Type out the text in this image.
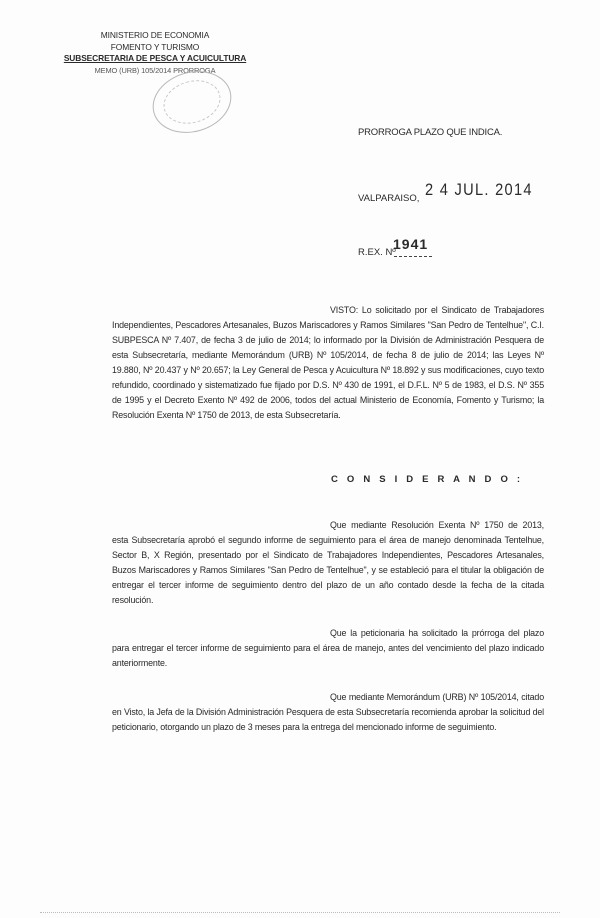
MINISTERIO DE ECONOMIA
FOMENTO Y TURISMO
SUBSECRETARIA DE PESCA Y ACUICULTURA
MEMO (URB) 105/2014 PRORROGA
PRORROGA PLAZO QUE INDICA.
VALPARAISO, 2 4 JUL. 2014
R.EX. Nº
1941

VISTO: Lo solicitado por el Sindicato de Trabajadores Independientes, Pescadores Artesanales, Buzos Mariscadores y Ramos Similares "San Pedro de Tentelhue", C.I. SUBPESCA Nº 7.407, de fecha 3 de julio de 2014; lo informado por la División de Administración Pesquera de esta Subsecretaría, mediante Memorándum (URB) Nº 105/2014, de fecha 8 de julio de 2014; las Leyes Nº 19.880, Nº 20.437 y Nº 20.657; la Ley General de Pesca y Acuicultura Nº 18.892 y sus modificaciones, cuyo texto refundido, coordinado y sistematizado fue fijado por D.S. Nº 430 de 1991, el D.F.L. Nº 5 de 1983, el D.S. Nº 355 de 1995 y el Decreto Exento Nº 492 de 2006, todos del actual Ministerio de Economía, Fomento y Turismo; la Resolución Exenta Nº 1750 de 2013, de esta Subsecretaría.

C O N S I D E R A N D O :

Que mediante Resolución Exenta Nº 1750 de 2013, esta Subsecretaría aprobó el segundo informe de seguimiento para el área de manejo denominada Tentelhue, Sector B, X Región, presentado por el Sindicato de Trabajadores Independientes, Pescadores Artesanales, Buzos Mariscadores y Ramos Similares "San Pedro de Tentelhue", y se estableció para el titular la obligación de entregar el tercer informe de seguimiento dentro del plazo de un año contado desde la fecha de la citada resolución.

Que la peticionaria ha solicitado la prórroga del plazo para entregar el tercer informe de seguimiento para el área de manejo, antes del vencimiento del plazo indicado anteriormente.

Que mediante Memorándum (URB) Nº 105/2014, citado en Visto, la Jefa de la División Administración Pesquera de esta Subsecretaría recomienda aprobar la solicitud del peticionario, otorgando un plazo de 3 meses para la entrega del mencionado informe de seguimiento.
